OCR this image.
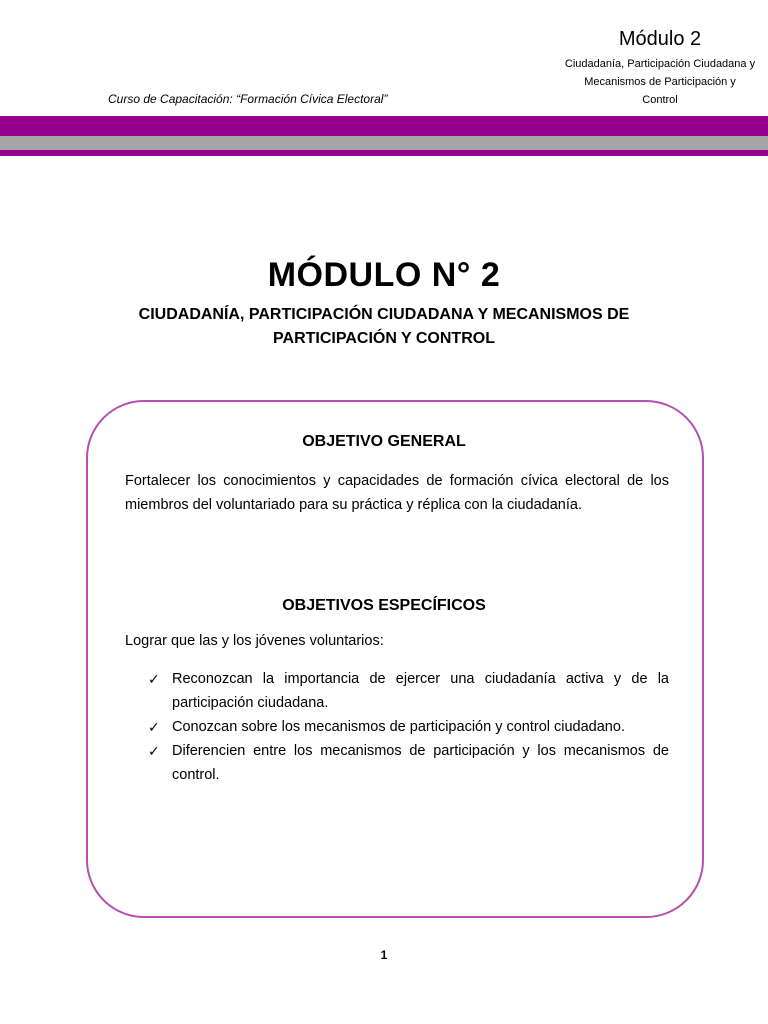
Módulo 2
Ciudadanía, Participación Ciudadana y
Mecanismos de Participación y
Control
Curso de Capacitación: “Formación Cívica Electoral”
MÓDULO N° 2
CIUDADANÍA, PARTICIPACIÓN CIUDADANA Y MECANISMOS DE
PARTICIPACIÓN Y CONTROL
OBJETIVO GENERAL
Fortalecer los conocimientos y capacidades de formación cívica electoral de los miembros del voluntariado para su práctica y réplica con la ciudadanía.
OBJETIVOS ESPECÍFICOS
Lograr que las y los jóvenes voluntarios:
✓ Reconozcan la importancia de ejercer una ciudadanía activa y de la participación ciudadana.
✓ Conozcan sobre los mecanismos de participación y control ciudadano.
✓ Diferencien entre los mecanismos de participación y los mecanismos de control.
1
